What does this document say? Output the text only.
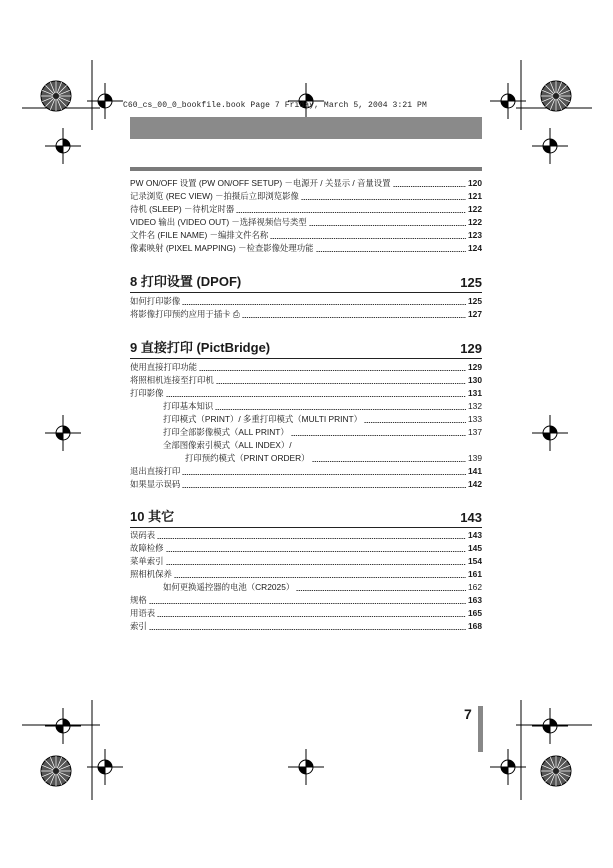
C60_cs_00_0_bookfile.book Page 7 Friday, March 5, 2004 3:21 PM
PW ON/OFF 设置 (PW ON/OFF SETUP) －电源开 / 关显示 / 音量设置	120
记录浏览 (REC VIEW) －拍摄后立即浏览影像	121
待机 (SLEEP) －待机定时器	122
VIDEO 输出 (VIDEO OUT) －选择视频信号类型	122
文件名 (FILE NAME) －编排文件名称	123
像素映射 (PIXEL MAPPING) －检查影像处理功能	124
8 打印设置 (DPOF)	125
如何打印影像	125
将影像打印预约应用于插卡 ⎙	127
9 直接打印 (PictBridge)	129
使用直接打印功能	129
将照相机连接至打印机	130
打印影像	131
打印基本知识	132
打印模式（PRINT）/ 多重打印模式（MULTI PRINT）	133
打印全部影像模式（ALL PRINT）	137
全部图像索引模式（ALL INDEX）/
打印预约模式（PRINT ORDER）	139
退出直接打印	141
如果显示误码	142
10 其它	143
误码表	143
故障检修	145
菜单索引	154
照相机保养	161
如何更换遥控器的电池（CR2025）	162
规格	163
用语表	165
索引	168
7
